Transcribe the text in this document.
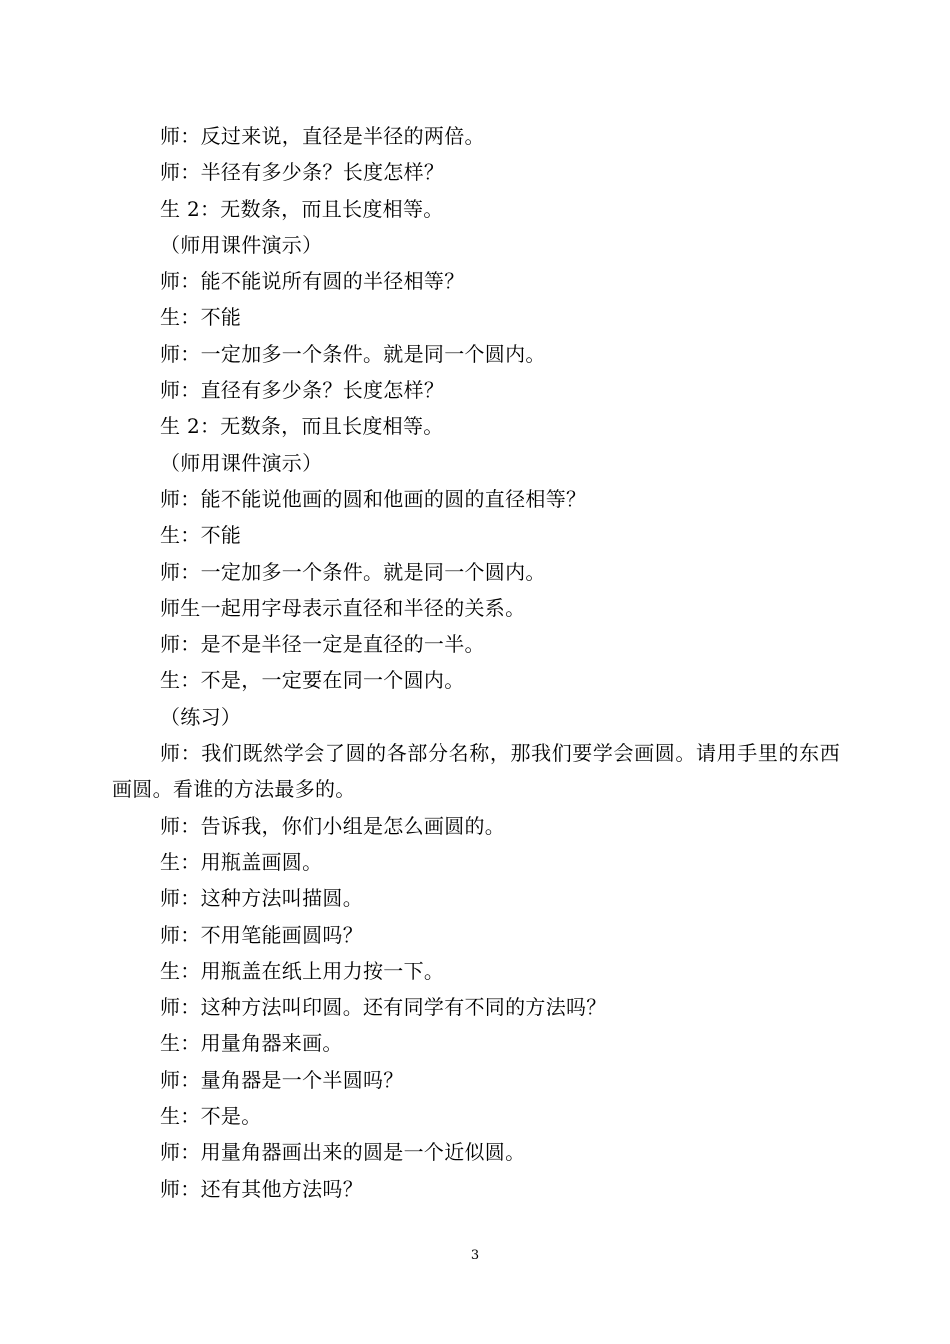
师：反过来说，直径是半径的两倍。

师：半径有多少条？长度怎样？

生 2：无数条，而且长度相等。

（师用课件演示）

师：能不能说所有圆的半径相等？

生：不能

师：一定加多一个条件。就是同一个圆内。

师：直径有多少条？长度怎样？

生 2：无数条，而且长度相等。

（师用课件演示）

师：能不能说他画的圆和他画的圆的直径相等？

生：不能

师：一定加多一个条件。就是同一个圆内。

师生一起用字母表示直径和半径的关系。

师：是不是半径一定是直径的一半。

生：不是，一定要在同一个圆内。

（练习）

师：我们既然学会了圆的各部分名称，那我们要学会画圆。请用手里的东西画圆。看谁的方法最多的。

师：告诉我，你们小组是怎么画圆的。

生：用瓶盖画圆。

师：这种方法叫描圆。

师：不用笔能画圆吗？

生：用瓶盖在纸上用力按一下。

师：这种方法叫印圆。还有同学有不同的方法吗？

生：用量角器来画。

师：量角器是一个半圆吗？

生：不是。

师：用量角器画出来的圆是一个近似圆。

师：还有其他方法吗？

3
